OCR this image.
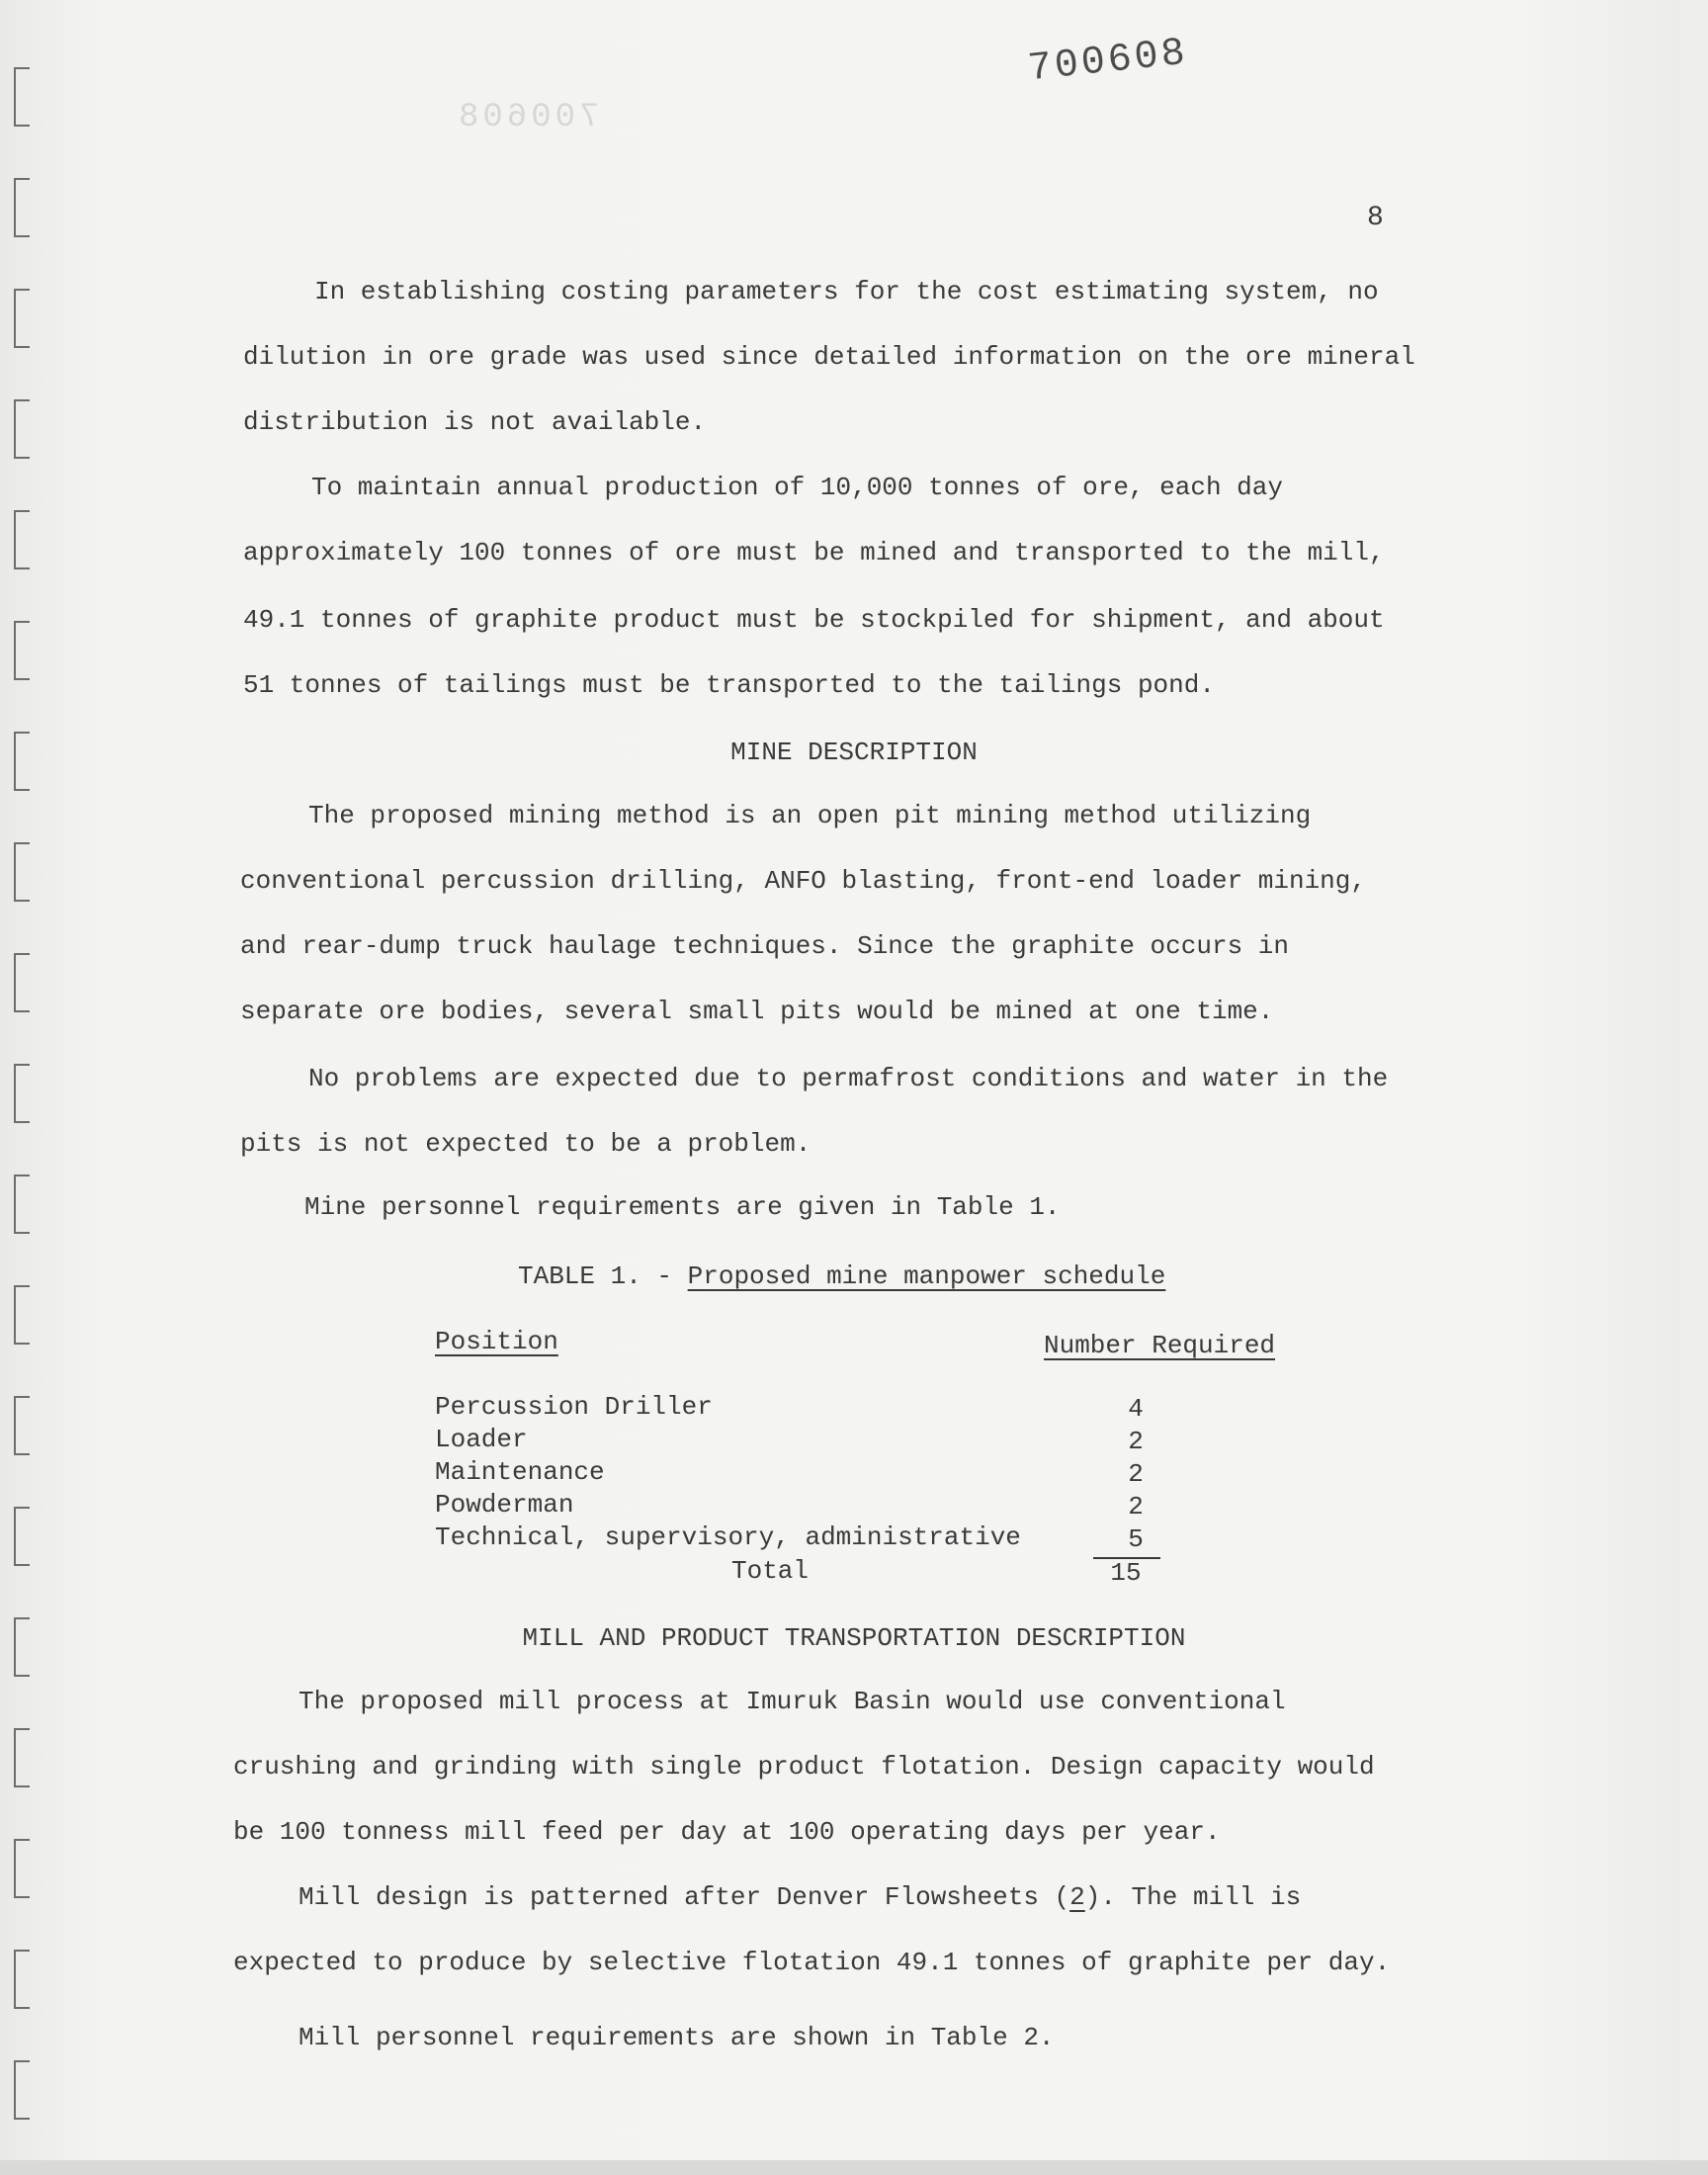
700608
700608
8
In establishing costing parameters for the cost estimating system, no
dilution in ore grade was used since detailed information on the ore mineral
distribution is not available.
To maintain annual production of 10,000 tonnes of ore, each day
approximately 100 tonnes of ore must be mined and transported to the mill,
49.1 tonnes of graphite product must be stockpiled for shipment, and about
51 tonnes of tailings must be transported to the tailings pond.
MINE DESCRIPTION
The proposed mining method is an open pit mining method utilizing
conventional percussion drilling, ANFO blasting, front-end loader mining,
and rear-dump truck haulage techniques. Since the graphite occurs in
separate ore bodies, several small pits would be mined at one time.
No problems are expected due to permafrost conditions and water in the
pits is not expected to be a problem.
Mine personnel requirements are given in Table 1.
TABLE 1. - Proposed mine manpower schedule
Position	Number Required
Percussion Driller	4
Loader	2
Maintenance	2
Powderman	2
Technical, supervisory, administrative	5
Total	15
MILL AND PRODUCT TRANSPORTATION DESCRIPTION
The proposed mill process at Imuruk Basin would use conventional
crushing and grinding with single product flotation. Design capacity would
be 100 tonness mill feed per day at 100 operating days per year.
Mill design is patterned after Denver Flowsheets (2). The mill is
expected to produce by selective flotation 49.1 tonnes of graphite per day.
Mill personnel requirements are shown in Table 2.
